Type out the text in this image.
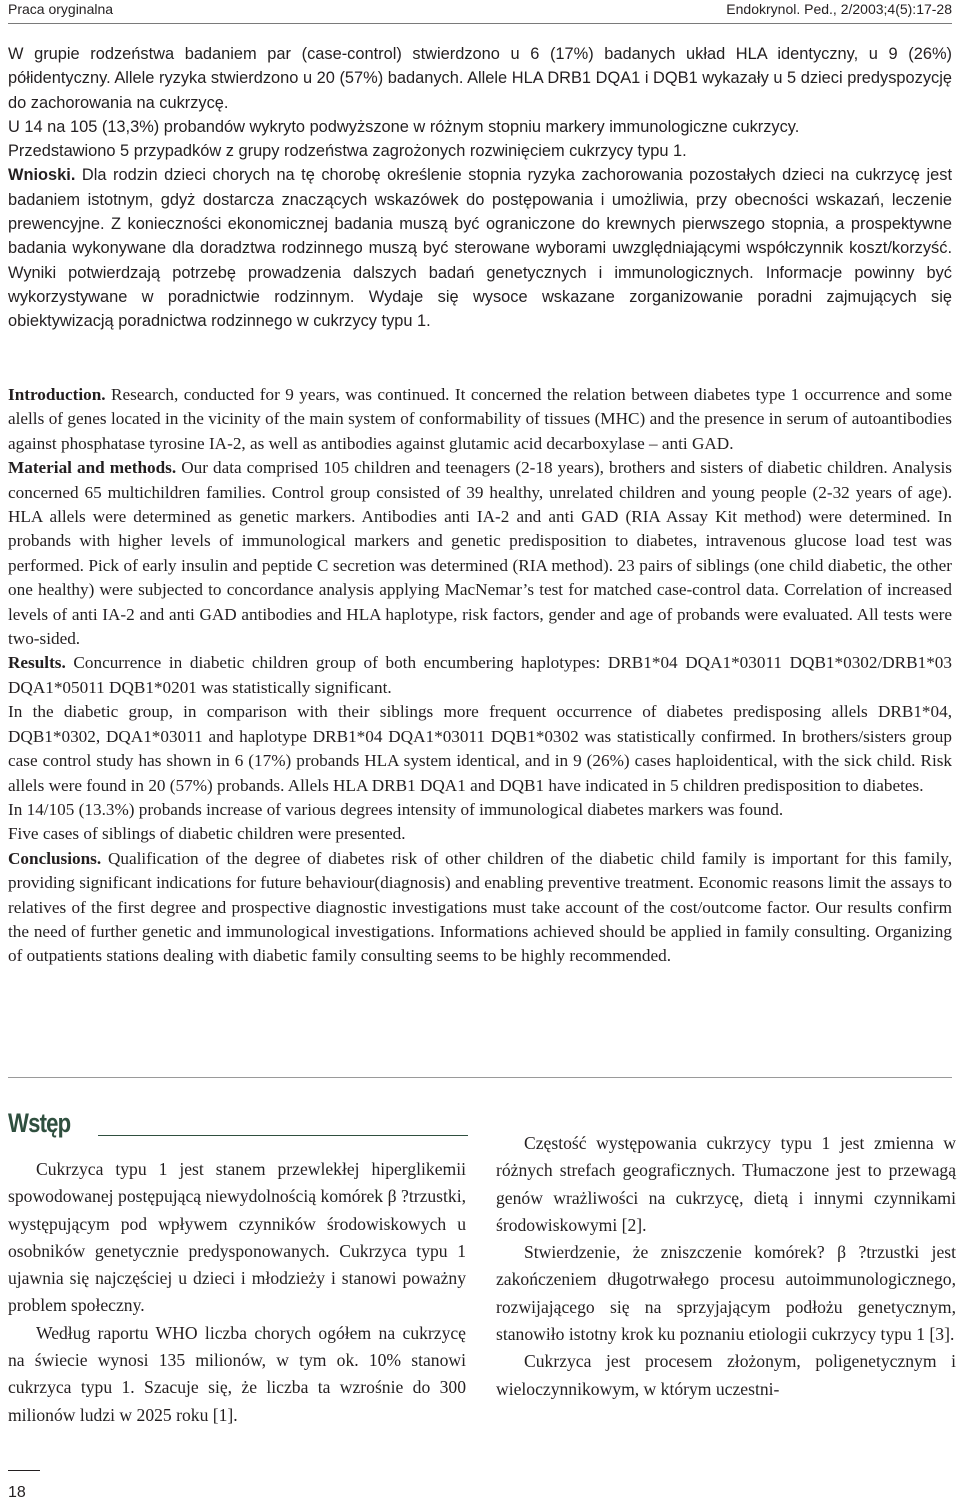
Praca oryginalna	Endokrynol. Ped., 2/2003;4(5):17-28

W grupie rodzeństwa badaniem par (case-control) stwierdzono u 6 (17%) badanych układ HLA identyczny, u 9 (26%) półidentyczny. Allele ryzyka stwierdzono u 20 (57%) badanych. Allele HLA DRB1 DQA1 i DQB1 wykazały u 5 dzieci predyspozycję do zachorowania na cukrzycę.

U 14 na 105 (13,3%) probandów wykryto podwyższone w różnym stopniu markery immunologiczne cukrzycy.

Przedstawiono 5 przypadków z grupy rodzeństwa zagrożonych rozwinięciem cukrzycy typu 1.

Wnioski. Dla rodzin dzieci chorych na tę chorobę określenie stopnia ryzyka zachorowania pozostałych dzieci na cukrzycę jest badaniem istotnym, gdyż dostarcza znaczących wskazówek do postępowania i umożliwia, przy obecności wskazań, leczenie prewencyjne. Z konieczności ekonomicznej badania muszą być ograniczone do krewnych pierwszego stopnia, a prospektywne badania wykonywane dla doradztwa rodzinnego muszą być sterowane wyborami uwzględniającymi współczynnik koszt/korzyść. Wyniki potwierdzają potrzebę prowadzenia dalszych badań genetycznych i immunologicznych. Informacje powinny być wykorzystywane w poradnictwie rodzinnym. Wydaje się wysoce wskazane zorganizowanie poradni zajmujących się obiektywizacją poradnictwa rodzinnego w cukrzycy typu 1.

Introduction. Research, conducted for 9 years, was continued. It concerned the relation between diabetes type 1 occurrence and some alells of genes located in the vicinity of the main system of conformability of tissues (MHC) and the presence in serum of autoantibodies against phosphatase tyrosine IA-2, as well as antibodies against glutamic acid decarboxylase – anti GAD.

Material and methods. Our data comprised 105 children and teenagers (2-18 years), brothers and sisters of diabetic children. Analysis concerned 65 multichildren families. Control group consisted of 39 healthy, unrelated children and young people (2-32 years of age). HLA allels were determined as genetic markers. Antibodies anti IA-2 and anti GAD (RIA Assay Kit method) were determined. In probands with higher levels of immunological markers and genetic predisposition to diabetes, intravenous glucose load test was performed. Pick of early insulin and peptide C secretion was determined (RIA method). 23 pairs of siblings (one child diabetic, the other one healthy) were subjected to concordance analysis applying MacNemar’s test for matched case-control data. Correlation of increased levels of anti IA-2 and anti GAD antibodies and HLA haplotype, risk factors, gender and age of probands were evaluated. All tests were two-sided.

Results. Concurrence in diabetic children group of both encumbering haplotypes: DRB1*04 DQA1*03011 DQB1*0302/DRB1*03 DQA1*05011 DQB1*0201 was statistically significant.

In the diabetic group, in comparison with their siblings more frequent occurrence of diabetes predisposing allels DRB1*04, DQB1*0302, DQA1*03011 and haplotype DRB1*04 DQA1*03011 DQB1*0302 was statistically confirmed. In brothers/sisters group case control study has shown in 6 (17%) probands HLA system identical, and in 9 (26%) cases haploidentical, with the sick child. Risk allels were found in 20 (57%) probands. Allels HLA DRB1 DQA1 and DQB1 have indicated in 5 children predisposition to diabetes.

In 14/105 (13.3%) probands increase of various degrees intensity of immunological diabetes markers was found.

Five cases of siblings of diabetic children were presented.

Conclusions. Qualification of the degree of diabetes risk of other children of the diabetic child family is important for this family, providing significant indications for future behaviour(diagnosis) and enabling preventive treatment. Economic reasons limit the assays to relatives of the first degree and prospective diagnostic investigations must take account of the cost/outcome factor. Our results confirm the need of further genetic and immunological investigations. Informations achieved should be applied in family consulting. Organizing of outpatients stations dealing with diabetic family consulting seems to be highly recommended.

Wstęp

Cukrzyca typu 1 jest stanem przewlekłej hiperglikemii spowodowanej postępującą niewydolnością komórek β ?trzustki, występującym pod wpływem czynników środowiskowych u osobników genetycznie predysponowanych. Cukrzyca typu 1 ujawnia się najczęściej u dzieci i młodzieży i stanowi poważny problem społeczny.

Według raportu WHO liczba chorych ogółem na cukrzycę na świecie wynosi 135 milionów, w tym ok. 10% stanowi cukrzyca typu 1. Szacuje się, że liczba ta wzrośnie do 300 milionów ludzi w 2025 roku [1].

Częstość występowania cukrzycy typu 1 jest zmienna w różnych strefach geograficznych. Tłumaczone jest to przewagą genów wrażliwości na cukrzycę, dietą i innymi czynnikami środowiskowymi [2].

Stwierdzenie, że zniszczenie komórek? β ?trzustki jest zakończeniem długotrwałego procesu autoimmunologicznego, rozwijającego się na sprzyjającym podłożu genetycznym, stanowiło istotny krok ku poznaniu etiologii cukrzycy typu 1 [3].

Cukrzyca jest procesem złożonym, poligenetycznym i wieloczynnikowym, w którym uczestni-

18
